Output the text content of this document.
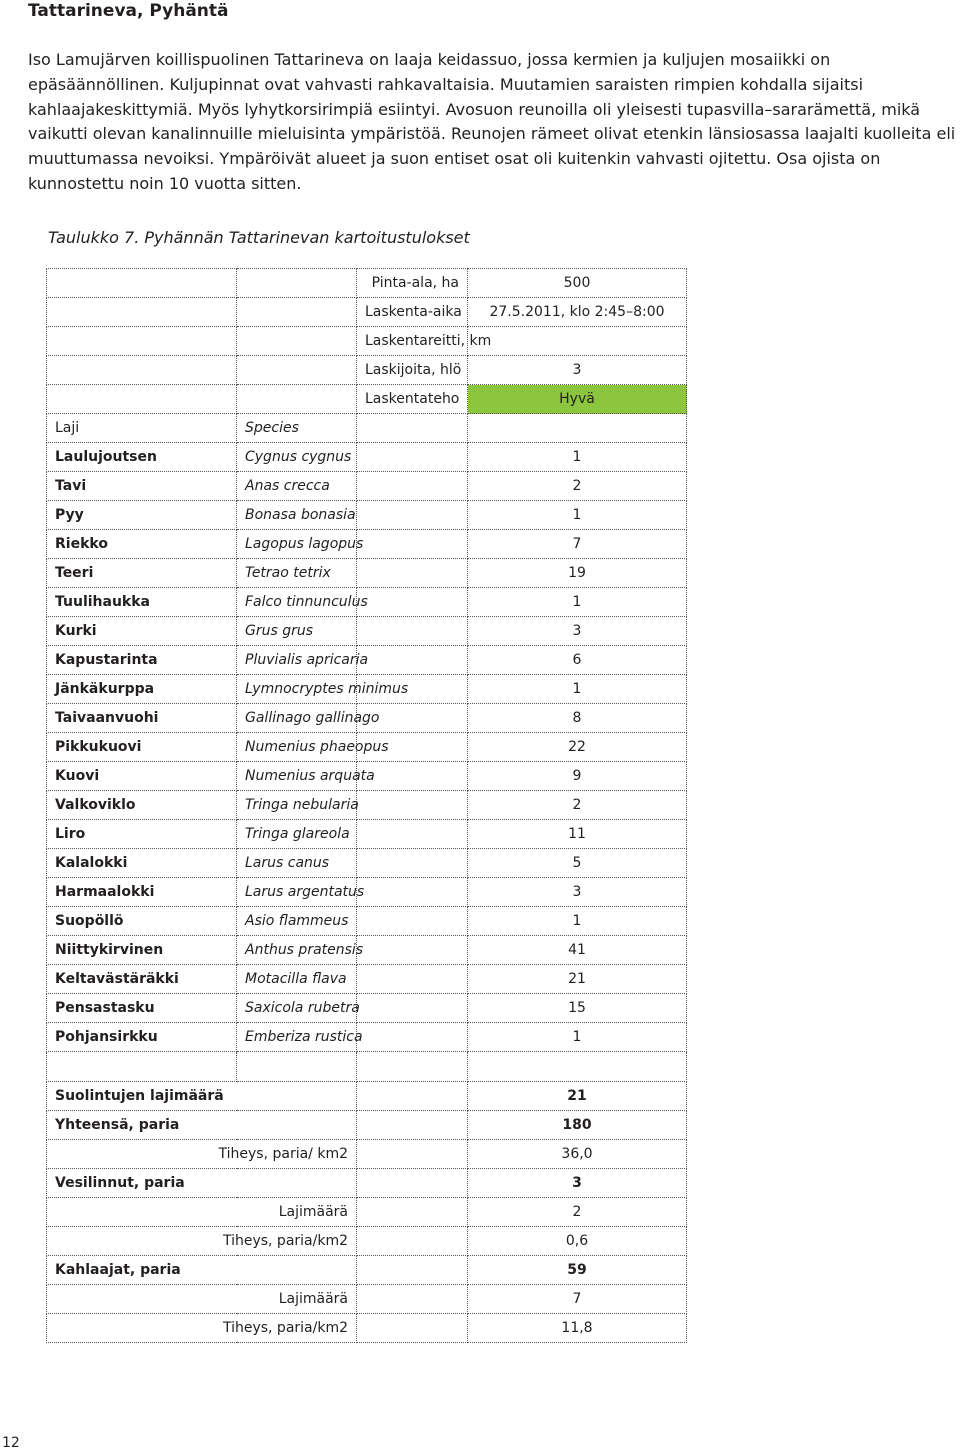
Tattarineva, Pyhäntä

Iso Lamujärven koillispuolinen Tattarineva on laaja keidassuo, jossa kermien ja kuljujen mosaiikki on epäsäännöllinen. Kuljupinnat ovat vahvasti rahkavaltaisia. Muutamien saraisten rimpien kohdalla sijaitsi kahlaajakeskittymiä. Myös lyhytkorsirimpiä esiintyi. Avosuon reunoilla oli yleisesti tupasvilla–sararämettä, mikä vaikutti olevan kanalinnuille mieluisinta ympäristöä. Reunojen rämeet olivat etenkin länsiosassa laajalti kuolleita eli muuttumassa nevoiksi. Ympäröivät alueet ja suon entiset osat oli kuitenkin vahvasti ojitettu. Osa ojista on kunnostettu noin 10 vuotta sitten.

Taulukko 7. Pyhännän Tattarinevan kartoitustulokset
		Pinta-ala, ha	500
		Laskenta-aika	27.5.2011, klo 2:45–8:00
		Laskentareitti, km	
		Laskijoita, hlö	3
		Laskentateho	Hyvä
Laji	Species		
Laulujoutsen	Cygnus cygnus		1
Tavi	Anas crecca		2
Pyy	Bonasa bonasia		1
Riekko	Lagopus lagopus		7
Teeri	Tetrao tetrix		19
Tuulihaukka	Falco tinnunculus		1
Kurki	Grus grus		3
Kapustarinta	Pluvialis apricaria		6
Jänkäkurppa	Lymnocryptes minimus		1
Taivaanvuohi	Gallinago gallinago		8
Pikkukuovi	Numenius phaeopus		22
Kuovi	Numenius arquata		9
Valkoviklo	Tringa nebularia		2
Liro	Tringa glareola		11
Kalalokki	Larus canus		5
Harmaalokki	Larus argentatus		3
Suopöllö	Asio flammeus		1
Niittykirvinen	Anthus pratensis		41
Keltavästäräkki	Motacilla flava		21
Pensastasku	Saxicola rubetra		15
Pohjansirkku	Emberiza rustica		1

Suolintujen lajimäärä			21
Yhteensä, paria			180
Tiheys, paria/ km2			36,0
Vesilinnut, paria			3
Lajimäärä			2
Tiheys, paria/km2			0,6
Kahlaajat, paria			59
Lajimäärä			7
Tiheys, paria/km2			11,8
12
